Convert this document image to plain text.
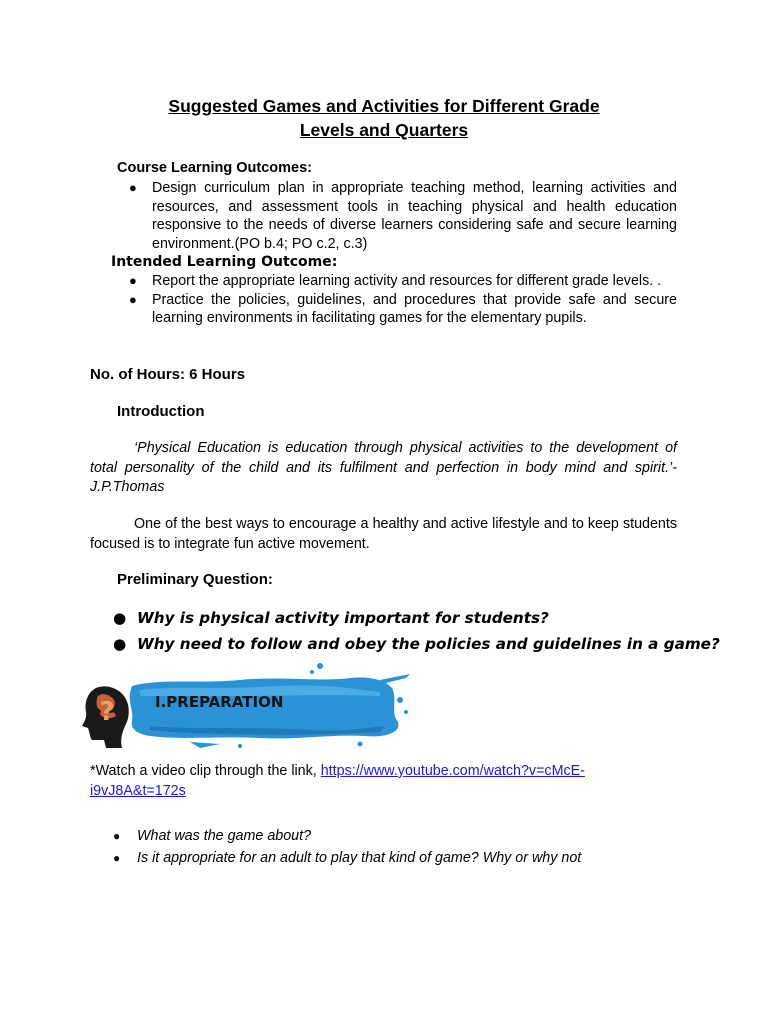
Suggested Games and Activities for Different Grade
Levels and Quarters
Course Learning Outcomes:
● Design curriculum plan in appropriate teaching method, learning activities and resources, and assessment tools in teaching physical and health education responsive to the needs of diverse learners considering safe and secure learning environment.(PO b.4; PO c.2, c.3)
Intended Learning Outcome:
● Report the appropriate learning activity and resources for different grade levels. .
● Practice the policies, guidelines, and procedures that provide safe and secure learning environments in facilitating games for the elementary pupils.
No. of Hours: 6 Hours
Introduction
‘Physical Education is education through physical activities to the development of total personality of the child and its fulfilment and perfection in body mind and spirit.’- J.P.Thomas
One of the best ways to encourage a healthy and active lifestyle and to keep students focused is to integrate fun active movement.
Preliminary Question:
● Why is physical activity important for students?
● Why need to follow and obey the policies and guidelines in a game?
?	I.PREPARATION
*Watch a video clip through the link, https://www.youtube.com/watch?v=cMcE-
i9vJ8A&t=172s
● What was the game about?
● Is it appropriate for an adult to play that kind of game? Why or why not
